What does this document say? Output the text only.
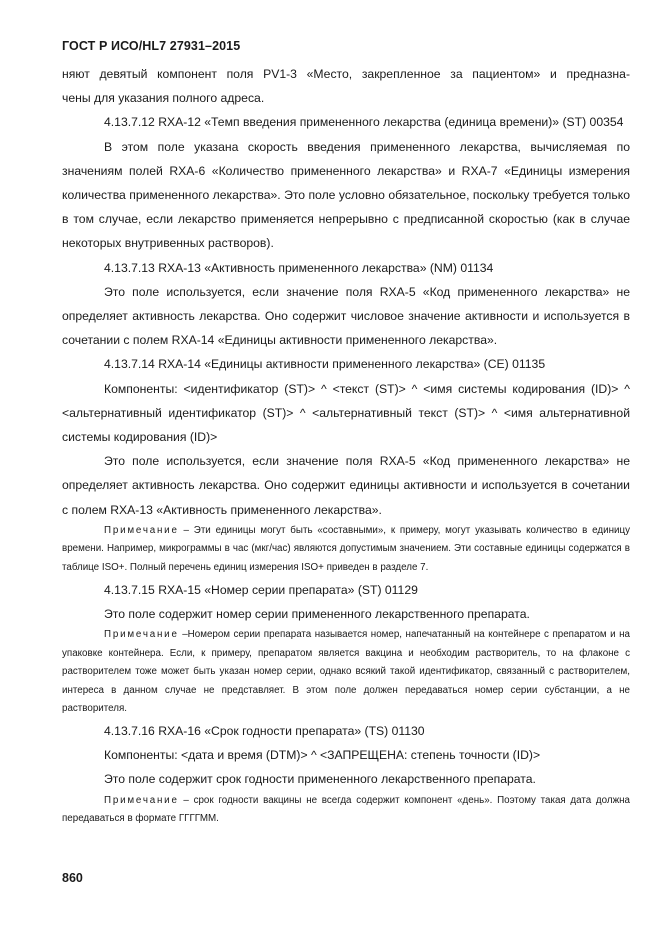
ГОСТ Р ИСО/HL7 27931–2015

няют девятый компонент поля PV1-3 «Место, закрепленное за пациентом» и предназна-

чены для указания полного адреса.

4.13.7.12 RXA-12 «Темп введения примененного лекарства (единица времени)» (ST) 00354

В этом поле указана скорость введения примененного лекарства, вычисляемая по значениям полей RXA-6 «Количество примененного лекарства» и RXA-7 «Единицы измерения количества примененного лекарства». Это поле условно обязательное, поскольку требуется только в том случае, если лекарство применяется непрерывно с предписанной скоростью (как в случае некоторых внутривенных растворов).

4.13.7.13 RXA-13 «Активность примененного лекарства» (NM) 01134

Это поле используется, если значение поля RXA-5 «Код примененного лекарства» не определяет активность лекарства. Оно содержит числовое значение активности и используется в сочетании с полем RXA-14 «Единицы активности примененного лекарства».

4.13.7.14 RXA-14 «Единицы активности примененного лекарства» (CE) 01135

Компоненты: <идентификатор (ST)> ^ <текст (ST)> ^ <имя системы кодирования (ID)> ^ <альтернативный идентификатор (ST)> ^ <альтернативный текст (ST)> ^ <имя альтернативной системы кодирования (ID)>

Это поле используется, если значение поля RXA-5 «Код примененного лекарства» не определяет активность лекарства. Оно содержит единицы активности и используется в сочетании с полем RXA-13 «Активность примененного лекарства».

Примечание – Эти единицы могут быть «составными», к примеру, могут указывать количество в единицу времени. Например, микрограммы в час (мкг/час) являются допустимым значением. Эти составные единицы содержатся в таблице ISO+. Полный перечень единиц измерения ISO+ приведен в разделе 7.

4.13.7.15 RXA-15 «Номер серии препарата» (ST) 01129

Это поле содержит номер серии примененного лекарственного препарата.

Примечание –Номером серии препарата называется номер, напечатанный на контейнере с препаратом и на упаковке контейнера. Если, к примеру, препаратом является вакцина и необходим растворитель, то на флаконе с растворителем тоже может быть указан номер серии, однако всякий такой идентификатор, связанный с растворителем, интереса в данном случае не представляет. В этом поле должен передаваться номер серии субстанции, а не растворителя.

4.13.7.16 RXA-16 «Срок годности препарата» (TS) 01130

Компоненты: <дата и время (DTM)> ^ <ЗАПРЕЩЕНА: степень точности (ID)>

Это поле содержит срок годности примененного лекарственного препарата.

Примечание – срок годности вакцины не всегда содержит компонент «день». Поэтому такая дата должна передаваться в формате ГГГГММ.

860
